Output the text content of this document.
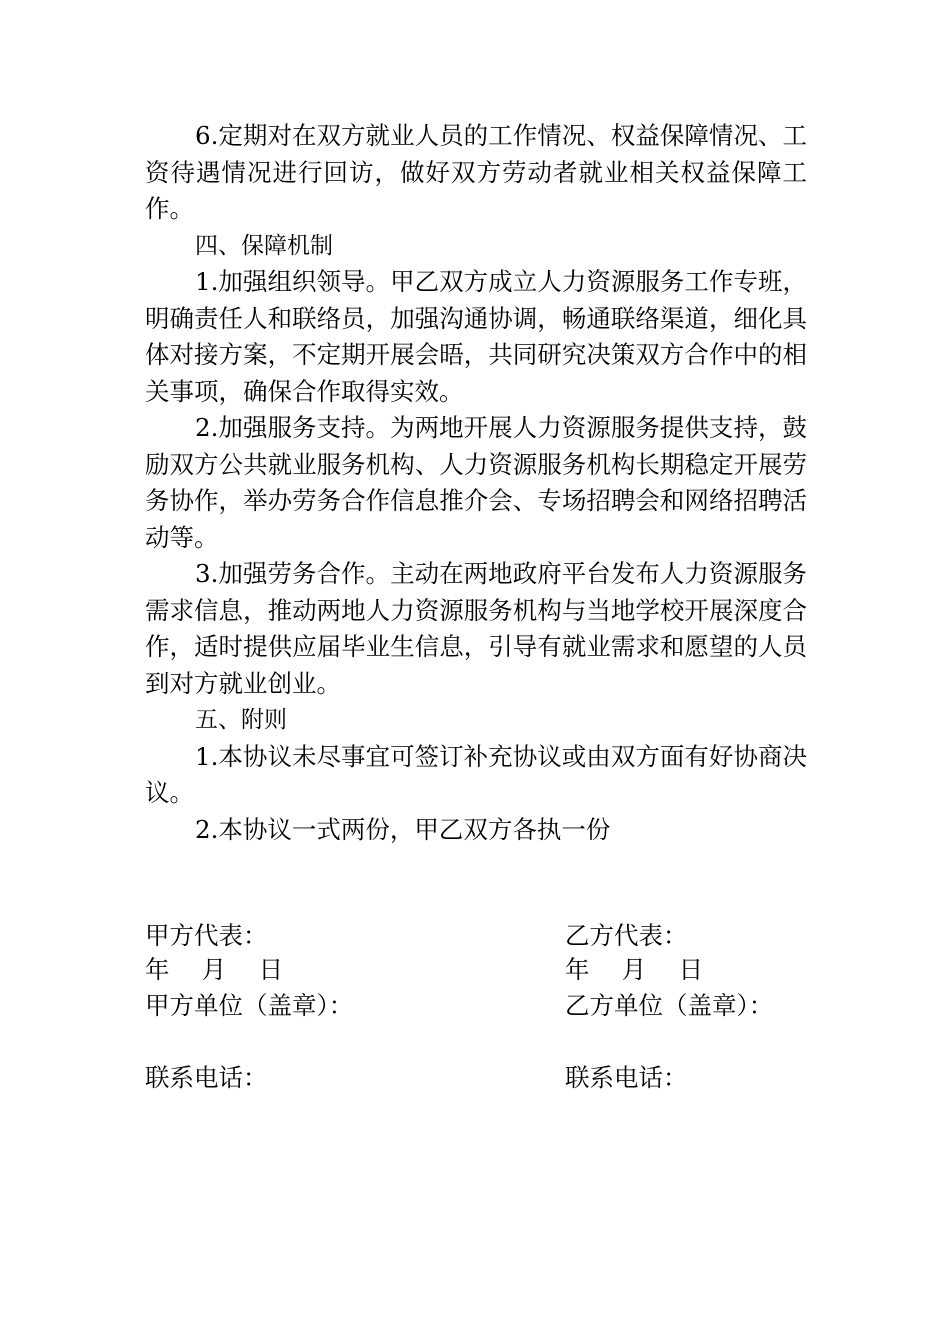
6.定期对在双方就业人员的工作情况、权益保障情况、工资待遇情况进行回访，做好双方劳动者就业相关权益保障工作。

四、保障机制

1.加强组织领导。甲乙双方成立人力资源服务工作专班，明确责任人和联络员，加强沟通协调，畅通联络渠道，细化具体对接方案，不定期开展会晤，共同研究决策双方合作中的相关事项，确保合作取得实效。

2.加强服务支持。为两地开展人力资源服务提供支持，鼓励双方公共就业服务机构、人力资源服务机构长期稳定开展劳务协作，举办劳务合作信息推介会、专场招聘会和网络招聘活动等。

3.加强劳务合作。主动在两地政府平台发布人力资源服务需求信息，推动两地人力资源服务机构与当地学校开展深度合作，适时提供应届毕业生信息，引导有就业需求和愿望的人员到对方就业创业。

五、附则

1.本协议未尽事宜可签订补充协议或由双方面有好协商决议。

2.本协议一式两份，甲乙双方各执一份

甲方代表：
年　 月　 日
甲方单位（盖章）：
联系电话：
乙方代表：
年　 月　 日
乙方单位（盖章）：
联系电话：
